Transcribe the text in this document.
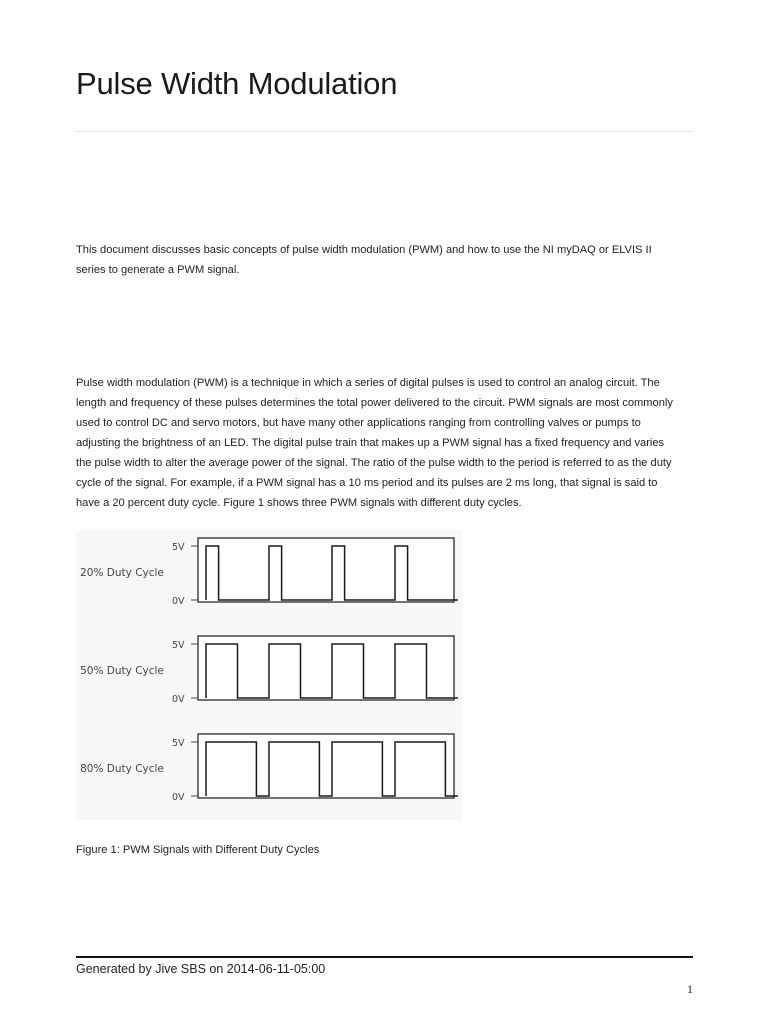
Pulse Width Modulation

This document discusses basic concepts of pulse width modulation (PWM) and how to use the NI myDAQ or ELVIS II series to generate a PWM signal.

Pulse width modulation (PWM) is a technique in which a series of digital pulses is used to control an analog circuit. The length and frequency of these pulses determines the total power delivered to the circuit. PWM signals are most commonly used to control DC and servo motors, but have many other applications ranging from controlling valves or pumps to adjusting the brightness of an LED. The digital pulse train that makes up a PWM signal has a fixed frequency and varies the pulse width to alter the average power of the signal. The ratio of the pulse width to the period is referred to as the duty cycle of the signal. For example, if a PWM signal has a 10 ms period and its pulses are 2 ms long, that signal is said to have a 20 percent duty cycle. Figure 1 shows three PWM signals with different duty cycles.

20% Duty Cycle
5V
0V
50% Duty Cycle
5V
0V
80% Duty Cycle
5V
0V

Figure 1: PWM Signals with Different Duty Cycles

Generated by Jive SBS on 2014-06-11-05:00
1
